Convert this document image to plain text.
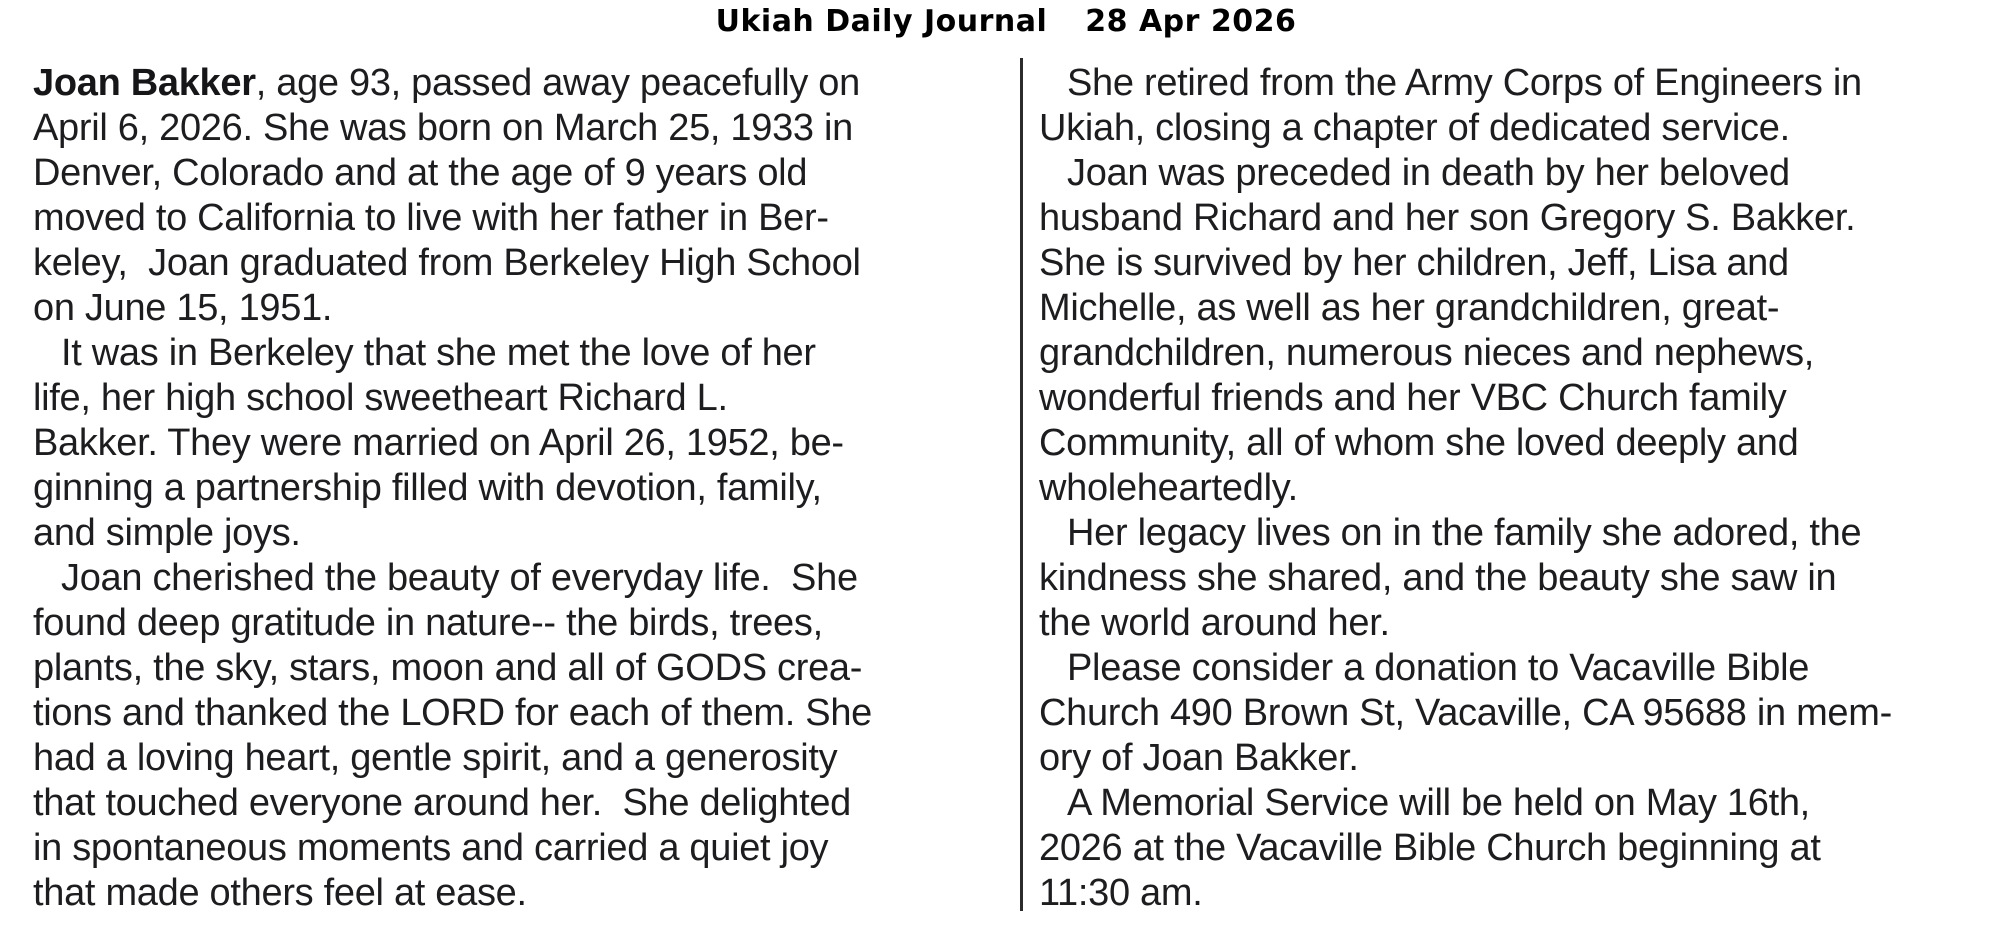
Ukiah Daily Journal 28 Apr 2026

Joan Bakker, age 93, passed away peacefully on
April 6, 2026. She was born on March 25, 1933 in
Denver, Colorado and at the age of 9 years old
moved to California to live with her father in Ber-
keley,  Joan graduated from Berkeley High School
on June 15, 1951.

It was in Berkeley that she met the love of her
life, her high school sweetheart Richard L.
Bakker. They were married on April 26, 1952, be-
ginning a partnership filled with devotion, family,
and simple joys.

Joan cherished the beauty of everyday life.  She
found deep gratitude in nature-- the birds, trees,
plants, the sky, stars, moon and all of GODS crea-
tions and thanked the LORD for each of them. She
had a loving heart, gentle spirit, and a generosity
that touched everyone around her.  She delighted
in spontaneous moments and carried a quiet joy
that made others feel at ease.

She retired from the Army Corps of Engineers in
Ukiah, closing a chapter of dedicated service.

Joan was preceded in death by her beloved
husband Richard and her son Gregory S. Bakker.
She is survived by her children, Jeff, Lisa and
Michelle, as well as her grandchildren, great-
grandchildren, numerous nieces and nephews,
wonderful friends and her VBC Church family
Community, all of whom she loved deeply and
wholeheartedly.

Her legacy lives on in the family she adored, the
kindness she shared, and the beauty she saw in
the world around her.

Please consider a donation to Vacaville Bible
Church 490 Brown St, Vacaville, CA 95688 in mem-
ory of Joan Bakker.

A Memorial Service will be held on May 16th,
2026 at the Vacaville Bible Church beginning at
11:30 am.
